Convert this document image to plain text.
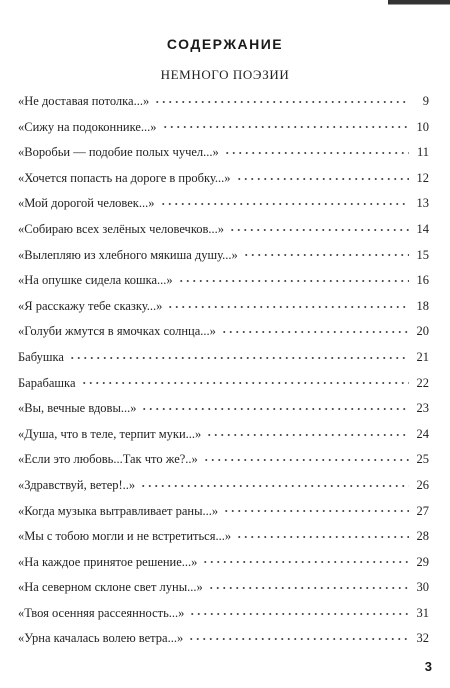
СОДЕРЖАНИЕ
НЕМНОГО ПОЭЗИИ
«Не доставая потолка...»	9
«Сижу на подоконнике...»	10
«Воробьи — подобие полых чучел...»	11
«Хочется попасть на дороге в пробку...»	12
«Мой дорогой человек...»	13
«Собираю всех зелёных человечков...»	14
«Вылепляю из хлебного мякиша душу...»	15
«На опушке сидела кошка...»	16
«Я расскажу тебе сказку...»	18
«Голуби жмутся в ямочках солнца...»	20
Бабушка	21
Барабашка	22
«Вы, вечные вдовы...»	23
«Душа, что в теле, терпит муки...»	24
«Если это любовь...Так что же?..»	25
«Здравствуй, ветер!..»	26
«Когда музыка вытравливает раны...»	27
«Мы с тобою могли и не встретиться...»	28
«На каждое принятое решение...»	29
«На северном склоне свет луны...»	30
«Твоя осенняя рассеянность...»	31
«Урна качалась волею ветра...»	32
3
